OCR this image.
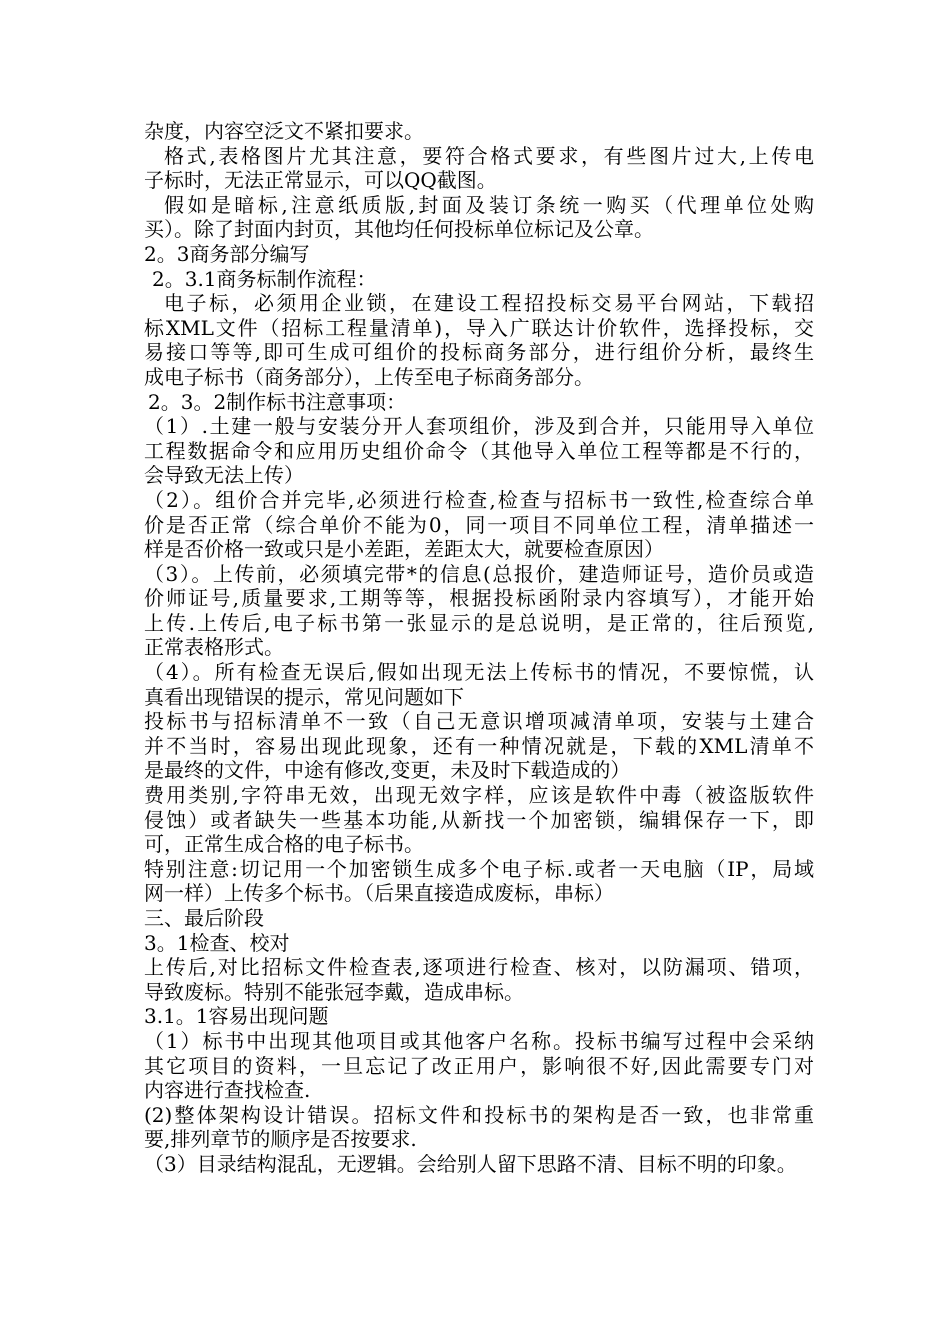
杂度，内容空泛文不紧扣要求。
格式,表格图片尤其注意，要符合格式要求，有些图片过大,上传电
子标时，无法正常显示，可以QQ截图。
假如是暗标,注意纸质版,封面及装订条统一购买（代理单位处购
买）。除了封面内封页，其他均任何投标单位标记及公章。
2。3商务部分编写
2。3.1商务标制作流程：
电子标，必须用企业锁，在建设工程招投标交易平台网站，下载招
标XML文件（招标工程量清单)，导入广联达计价软件，选择投标，交
易接口等等,即可生成可组价的投标商务部分，进行组价分析，最终生
成电子标书（商务部分），上传至电子标商务部分。
2。3。2制作标书注意事项：
（1）.土建一般与安装分开人套项组价，涉及到合并，只能用导入单位
工程数据命令和应用历史组价命令（其他导入单位工程等都是不行的，
会导致无法上传）
（2）。组价合并完毕,必须进行检查,检查与招标书一致性,检查综合单
价是否正常（综合单价不能为0，同一项目不同单位工程，清单描述一
样是否价格一致或只是小差距，差距太大，就要检查原因）
（3）。上传前，必须填完带*的信息(总报价，建造师证号，造价员或造
价师证号,质量要求,工期等等，根据投标函附录内容填写），才能开始
上传.上传后,电子标书第一张显示的是总说明，是正常的，往后预览,
正常表格形式。
（4）。所有检查无误后,假如出现无法上传标书的情况，不要惊慌，认
真看出现错误的提示，常见问题如下
投标书与招标清单不一致（自己无意识增项减清单项，安装与土建合
并不当时，容易出现此现象，还有一种情况就是，下载的XML清单不
是最终的文件，中途有修改,变更，未及时下载造成的）
费用类别,字符串无效，出现无效字样，应该是软件中毒（被盗版软件
侵蚀）或者缺失一些基本功能,从新找一个加密锁，编辑保存一下，即
可，正常生成合格的电子标书。
特别注意:切记用一个加密锁生成多个电子标.或者一天电脑（IP，局域
网一样）上传多个标书。（后果直接造成废标，串标）
三、最后阶段
3。1检查、校对
上传后,对比招标文件检查表,逐项进行检查、核对，以防漏项、错项，
导致废标。特别不能张冠李戴，造成串标。
3.1。1容易出现问题
（1）标书中出现其他项目或其他客户名称。投标书编写过程中会采纳
其它项目的资料，一旦忘记了改正用户，影响很不好,因此需要专门对
内容进行查找检查.
(2)整体架构设计错误。招标文件和投标书的架构是否一致，也非常重
要,排列章节的顺序是否按要求.
（3）目录结构混乱，无逻辑。会给别人留下思路不清、目标不明的印象。
